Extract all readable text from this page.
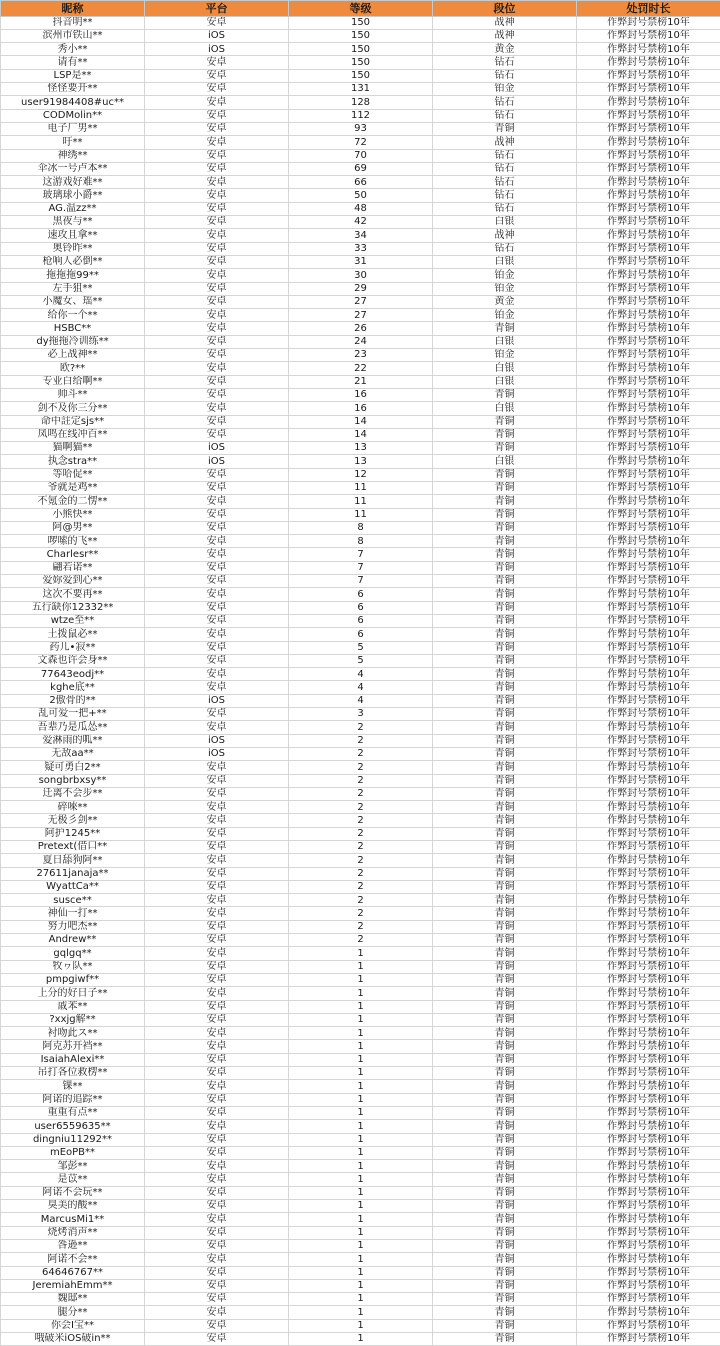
昵称	平台	等级	段位	处罚时长
抖音明**	安卓	150	战神	作弊封号禁榜10年
滨州市铁山**	iOS	150	战神	作弊封号禁榜10年
秀小**	iOS	150	黄金	作弊封号禁榜10年
请有**	安卓	150	钻石	作弊封号禁榜10年
LSP是**	安卓	150	钻石	作弊封号禁榜10年
怪怪要开**	安卓	131	铂金	作弊封号禁榜10年
user91984408#uc**	安卓	128	钻石	作弊封号禁榜10年
CODMolin**	安卓	112	钻石	作弊封号禁榜10年
电子厂男**	安卓	93	青铜	作弊封号禁榜10年
吁**	安卓	72	战神	作弊封号禁榜10年
神绣**	安卓	70	钻石	作弊封号禁榜10年
伞冰一号卢本**	安卓	69	钻石	作弊封号禁榜10年
这游戏好难**	安卓	66	钻石	作弊封号禁榜10年
玻璃球小爵**	安卓	50	钻石	作弊封号禁榜10年
AG.温zz**	安卓	48	钻石	作弊封号禁榜10年
黑夜与**	安卓	42	白银	作弊封号禁榜10年
速攻且拿**	安卓	34	战神	作弊封号禁榜10年
奥铃昨**	安卓	33	钻石	作弊封号禁榜10年
枪响人必倒**	安卓	31	白银	作弊封号禁榜10年
拖拖拖99**	安卓	30	铂金	作弊封号禁榜10年
左手狙**	安卓	29	铂金	作弊封号禁榜10年
小魔女、瑶**	安卓	27	黄金	作弊封号禁榜10年
给你一个**	安卓	27	铂金	作弊封号禁榜10年
HSBC**	安卓	26	青铜	作弊封号禁榜10年
dy拖拖冷训练**	安卓	24	白银	作弊封号禁榜10年
必上战神**	安卓	23	铂金	作弊封号禁榜10年
欧?**	安卓	22	白银	作弊封号禁榜10年
专业白给啊**	安卓	21	白银	作弊封号禁榜10年
帅斗**	安卓	16	青铜	作弊封号禁榜10年
剑不及你三分**	安卓	16	白银	作弊封号禁榜10年
命中註定sjs**	安卓	14	青铜	作弊封号禁榜10年
凤鸣在线冲百**	安卓	14	青铜	作弊封号禁榜10年
猫啊猫**	iOS	13	青铜	作弊封号禁榜10年
执念stra**	iOS	13	白银	作弊封号禁榜10年
等哈促**	安卓	12	青铜	作弊封号禁榜10年
爷就是鸡**	安卓	11	青铜	作弊封号禁榜10年
不氪金的二愣**	安卓	11	青铜	作弊封号禁榜10年
小熊快**	安卓	11	青铜	作弊封号禁榜10年
阿@男**	安卓	8	青铜	作弊封号禁榜10年
啰嗦的飞**	安卓	8	青铜	作弊封号禁榜10年
Charlesr**	安卓	7	青铜	作弊封号禁榜10年
翩若诺**	安卓	7	青铜	作弊封号禁榜10年
爱妳爱到心**	安卓	7	青铜	作弊封号禁榜10年
这次不要再**	安卓	6	青铜	作弊封号禁榜10年
五行缺你12332**	安卓	6	青铜	作弊封号禁榜10年
wtze至**	安卓	6	青铜	作弊封号禁榜10年
土拨鼠必**	安卓	6	青铜	作弊封号禁榜10年
药儿•寂**	安卓	5	青铜	作弊封号禁榜10年
文森也许会身**	安卓	5	青铜	作弊封号禁榜10年
77643eodj**	安卓	4	青铜	作弊封号禁榜10年
kghe底**	安卓	4	青铜	作弊封号禁榜10年
2傲骨的**	iOS	4	青铜	作弊封号禁榜10年
乱可爱一把+**	安卓	3	青铜	作弊封号禁榜10年
吾辈乃是瓜怂**	安卓	2	青铜	作弊封号禁榜10年
爱淋雨的呱**	iOS	2	青铜	作弊封号禁榜10年
无敌aa**	iOS	2	青铜	作弊封号禁榜10年
疑可勇白2**	安卓	2	青铜	作弊封号禁榜10年
songbrbxsy**	安卓	2	青铜	作弊封号禁榜10年
迁离不会步**	安卓	2	青铜	作弊封号禁榜10年
碎唻**	安卓	2	青铜	作弊封号禁榜10年
无极彡剑**	安卓	2	青铜	作弊封号禁榜10年
阿护1245**	安卓	2	青铜	作弊封号禁榜10年
Pretext(借口**	安卓	2	青铜	作弊封号禁榜10年
夏日舔狗阿**	安卓	2	青铜	作弊封号禁榜10年
27611janaja**	安卓	2	青铜	作弊封号禁榜10年
WyattCa**	安卓	2	青铜	作弊封号禁榜10年
susce**	安卓	2	青铜	作弊封号禁榜10年
神仙一打**	安卓	2	青铜	作弊封号禁榜10年
努力吧杰**	安卓	2	青铜	作弊封号禁榜10年
Andrew**	安卓	2	青铜	作弊封号禁榜10年
gqlgq**	安卓	1	青铜	作弊封号禁榜10年
牧ヮ队**	安卓	1	青铜	作弊封号禁榜10年
pmpgiwf**	安卓	1	青铜	作弊封号禁榜10年
上分的好日子**	安卓	1	青铜	作弊封号禁榜10年
戚苯**	安卓	1	青铜	作弊封号禁榜10年
?xxjg解**	安卓	1	青铜	作弊封号禁榜10年
衬吻此ス**	安卓	1	青铜	作弊封号禁榜10年
阿克苏开裆**	安卓	1	青铜	作弊封号禁榜10年
IsaiahAlexi**	安卓	1	青铜	作弊封号禁榜10年
吊打各位救楞**	安卓	1	青铜	作弊封号禁榜10年
锞**	安卓	1	青铜	作弊封号禁榜10年
阿诺的追踪**	安卓	1	青铜	作弊封号禁榜10年
重重有点**	安卓	1	青铜	作弊封号禁榜10年
user6559635**	安卓	1	青铜	作弊封号禁榜10年
dingniu11292**	安卓	1	青铜	作弊封号禁榜10年
mEoPB**	安卓	1	青铜	作弊封号禁榜10年
邹彭**	安卓	1	青铜	作弊封号禁榜10年
是苡**	安卓	1	青铜	作弊封号禁榜10年
阿诺不会玩**	安卓	1	青铜	作弊封号禁榜10年
臭美的酸**	安卓	1	青铜	作弊封号禁榜10年
MarcusMi1**	安卓	1	青铜	作弊封号禁榜10年
烧烤消声**	安卓	1	青铜	作弊封号禁榜10年
咎逊**	安卓	1	青铜	作弊封号禁榜10年
阿诺不会**	安卓	1	青铜	作弊封号禁榜10年
64646767**	安卓	1	青铜	作弊封号禁榜10年
JeremiahEmm**	安卓	1	青铜	作弊封号禁榜10年
魏邸**	安卓	1	青铜	作弊封号禁榜10年
腿分**	安卓	1	青铜	作弊封号禁榜10年
你会I宝**	安卓	1	青铜	作弊封号禁榜10年
哦破米iOS破in**	安卓	1	青铜	作弊封号禁榜10年
